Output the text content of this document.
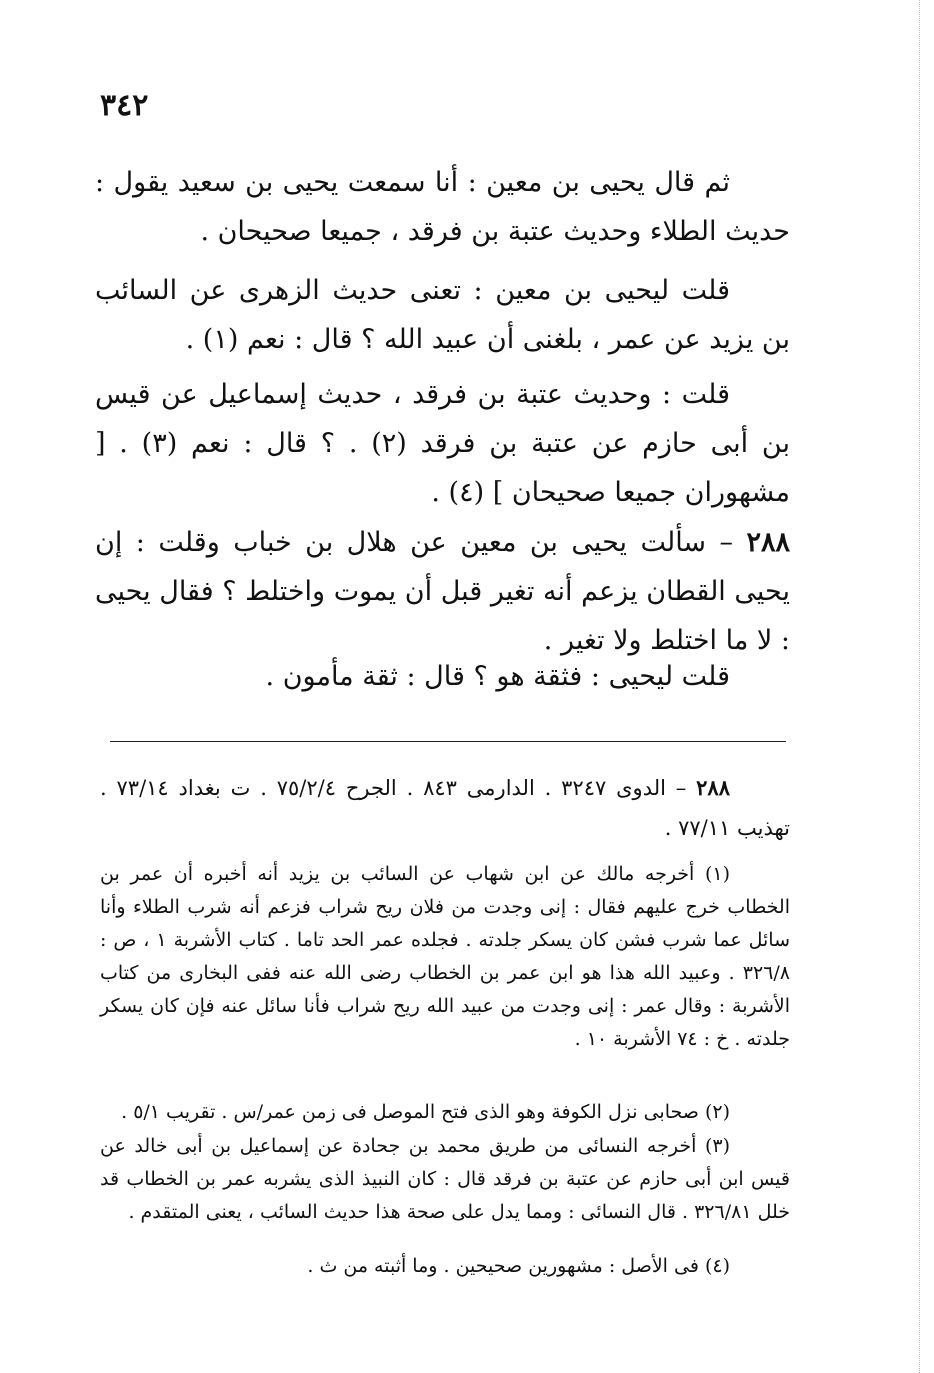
٣٤٢

ثم قال يحيى بن معين : أنا سمعت يحيى بن سعيد يقول : حديث الطلاء وحديث عتبة بن فرقد ، جميعا صحيحان .

قلت ليحيى بن معين : تعنى حديث الزهرى عن السائب بن يزيد عن عمر ، بلغنى أن عبيد الله ؟ قال : نعم (١) .

قلت : وحديث عتبة بن فرقد ، حديث إسماعيل عن قيس بن أبى حازم عن عتبة بن فرقد (٢) . ؟ قال : نعم (٣) . [ مشهوران جميعا صحيحان ] (٤) .

٢٨٨ – سألت يحيى بن معين عن هلال بن خباب وقلت : إن يحيى القطان يزعم أنه تغير قبل أن يموت واختلط ؟ فقال يحيى : لا ما اختلط ولا تغير .

قلت ليحيى : فثقة هو ؟ قال : ثقة مأمون .

٢٨٨ – الدوى ٣٢٤٧ . الدارمى ٨٤٣ . الجرح ٧٥/٢/٤ . ت بغداد ٧٣/١٤ . تهذيب ٧٧/١١ .

(١) أخرجه مالك عن ابن شهاب عن السائب بن يزيد أنه أخبره أن عمر بن الخطاب خرج عليهم فقال : إنى وجدت من فلان ريح شراب فزعم أنه شرب الطلاء وأنا سائل عما شرب فشن كان يسكر جلدته . فجلده عمر الحد تاما . كتاب الأشربة ١ ، ص : ٣٢٦/٨ . وعبيد الله هذا هو ابن عمر بن الخطاب رضى الله عنه ففى البخارى من كتاب الأشربة : وقال عمر : إنى وجدت من عبيد الله ريح شراب فأنا سائل عنه فإن كان يسكر جلدته . خ : ٧٤ الأشربة ١٠ .

(٢) صحابى نزل الكوفة وهو الذى فتح الموصل فى زمن عمر/س . تقريب ٥/١ .

(٣) أخرجه النسائى من طريق محمد بن جحادة عن إسماعيل بن أبى خالد عن قيس ابن أبى حازم عن عتبة بن فرقد قال : كان النبيذ الذى يشربه عمر بن الخطاب قد خلل ٣٢٦/٨١ . قال النسائى : ومما يدل على صحة هذا حديث السائب ، يعنى المتقدم .

(٤) فى الأصل : مشهورين صحيحين . وما أثبته من ث .
